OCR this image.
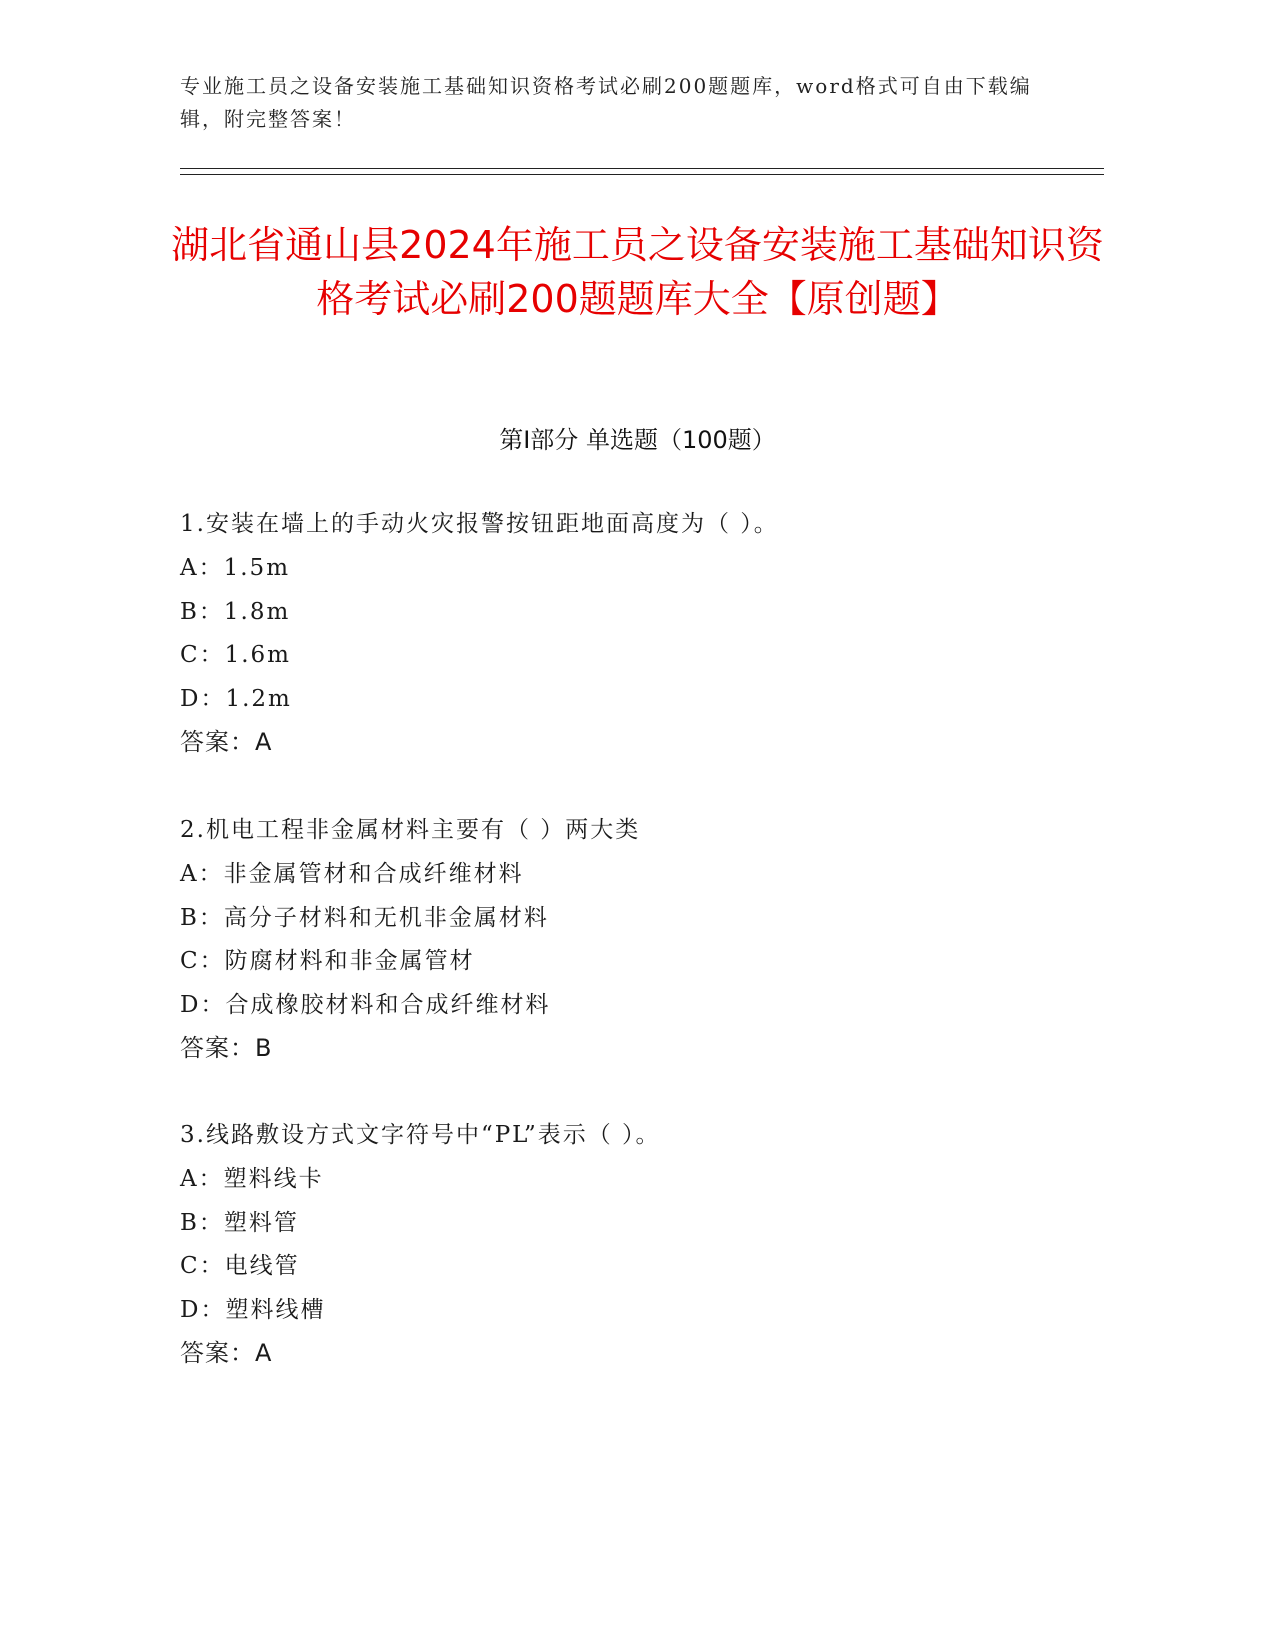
专业施工员之设备安装施工基础知识资格考试必刷200题题库，word格式可自由下载编辑，附完整答案！
湖北省通山县2024年施工员之设备安装施工基础知识资格考试必刷200题题库大全【原创题】
第Ⅰ部分 单选题（100题）
1.安装在墙上的手动火灾报警按钮距地面高度为（ ）。
A：1.5m
B：1.8m
C：1.6m
D：1.2m
答案：A
2.机电工程非金属材料主要有（ ）两大类
A：非金属管材和合成纤维材料
B：高分子材料和无机非金属材料
C：防腐材料和非金属管材
D：合成橡胶材料和合成纤维材料
答案：B
3.线路敷设方式文字符号中“PL”表示（ ）。
A：塑料线卡
B：塑料管
C：电线管
D：塑料线槽
答案：A
